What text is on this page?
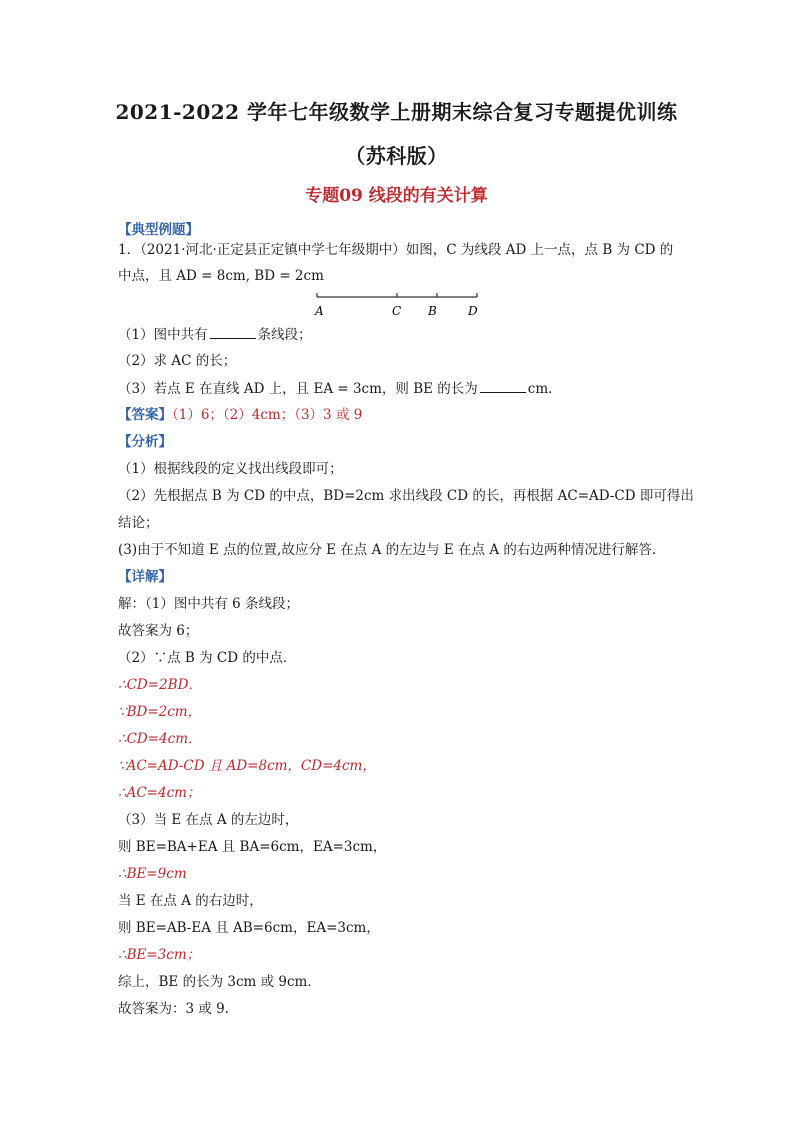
2021-2022 学年七年级数学上册期末综合复习专题提优训练
（苏科版）
专题09 线段的有关计算
【典型例题】
1．（2021·河北·正定县正定镇中学七年级期中）如图，C 为线段 AD 上一点，点 B 为 CD 的
中点，且 AD = 8cm, BD = 2cm
A	C B	D
（1）图中共有	条线段；
（2）求 AC 的长；
（3）若点 E 在直线 AD 上，且 EA = 3cm，则 BE 的长为	cm．
【答案】（1）6；（2）4cm；（3）3 或 9
【分析】
（1）根据线段的定义找出线段即可；
（2）先根据点 B 为 CD 的中点，BD=2cm 求出线段 CD 的长，再根据 AC=AD-CD 即可得出
结论；
(3)由于不知道 E 点的位置,故应分 E 在点 A 的左边与 E 在点 A 的右边两种情况进行解答．
【详解】
解：（1）图中共有 6 条线段；
故答案为 6；
（2）∵点 B 为 CD 的中点．
∴CD=2BD．
∵BD=2cm，
∴CD=4cm．
∵AC=AD-CD 且 AD=8cm，CD=4cm，
∴AC=4cm；
（3）当 E 在点 A 的左边时，
则 BE=BA+EA 且 BA=6cm，EA=3cm，
∴BE=9cm
当 E 在点 A 的右边时，
则 BE=AB-EA 且 AB=6cm，EA=3cm，
∴BE=3cm；
综上，BE 的长为 3cm 或 9cm．
故答案为：3 或 9．
